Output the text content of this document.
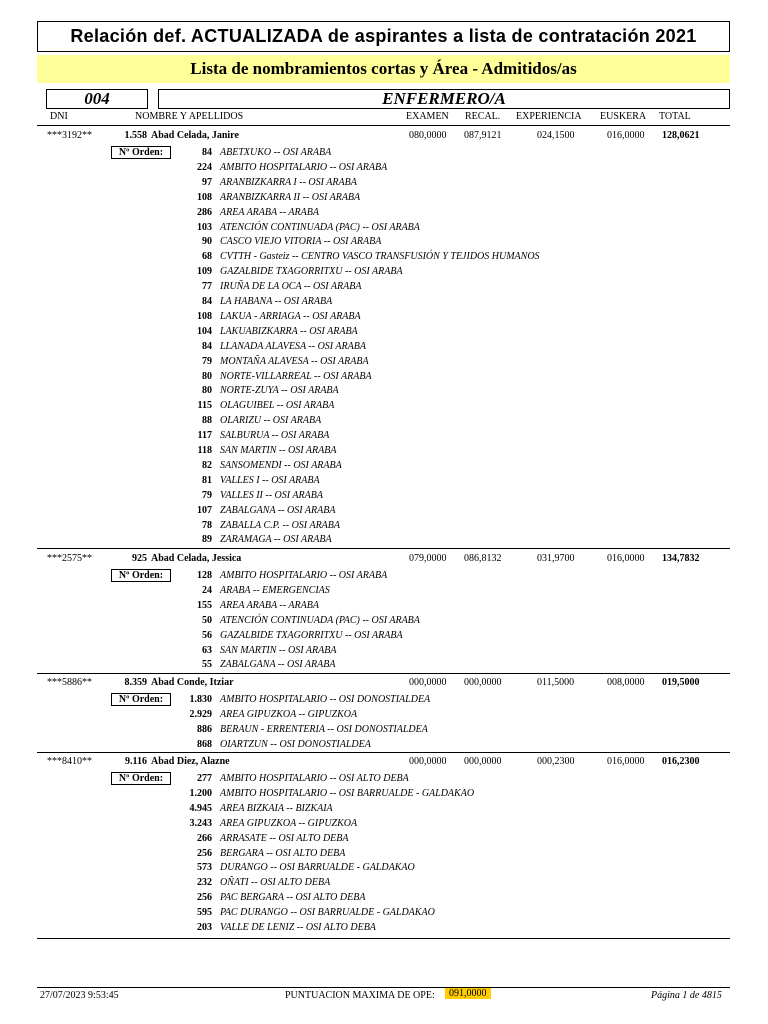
Relación def. ACTUALIZADA de aspirantes a lista de contratación 2021
Lista de nombramientos cortas y Área - Admitidos/as
004	ENFERMERO/A
DNI	NOMBRE Y APELLIDOS	EXAMEN RECAL. EXPERIENCIA EUSKERA TOTAL
***3192**	1.558 Abad Celada, Janire	080,0000 087,9121	024,1500	016,0000 128,0621
Nº Orden:	84 ABETXUKO -- OSI ARABA
224 AMBITO HOSPITALARIO -- OSI ARABA
97 ARANBIZKARRA I -- OSI ARABA
108 ARANBIZKARRA II -- OSI ARABA
286 AREA ARABA -- ARABA
103 ATENCIÓN CONTINUADA (PAC) -- OSI ARABA
90 CASCO VIEJO VITORIA -- OSI ARABA
68 CVTTH - Gasteiz -- CENTRO VASCO TRANSFUSIÓN Y TEJIDOS HUMANOS
109 GAZALBIDE TXAGORRITXU -- OSI ARABA
77 IRUÑA DE LA OCA -- OSI ARABA
84 LA HABANA -- OSI ARABA
108 LAKUA - ARRIAGA -- OSI ARABA
104 LAKUABIZKARRA -- OSI ARABA
84 LLANADA ALAVESA -- OSI ARABA
79 MONTAÑA ALAVESA -- OSI ARABA
80 NORTE-VILLARREAL -- OSI ARABA
80 NORTE-ZUYA -- OSI ARABA
115 OLAGUIBEL -- OSI ARABA
88 OLARIZU -- OSI ARABA
117 SALBURUA -- OSI ARABA
118 SAN MARTIN -- OSI ARABA
82 SANSOMENDI -- OSI ARABA
81 VALLES I -- OSI ARABA
79 VALLES II -- OSI ARABA
107 ZABALGANA -- OSI ARABA
78 ZABALLA C.P. -- OSI ARABA
89 ZARAMAGA -- OSI ARABA
***2575**	925 Abad Celada, Jessica	079,0000 086,8132	031,9700	016,0000 134,7832
Nº Orden:	128 AMBITO HOSPITALARIO -- OSI ARABA
24 ARABA -- EMERGENCIAS
155 AREA ARABA -- ARABA
50 ATENCIÓN CONTINUADA (PAC) -- OSI ARABA
56 GAZALBIDE TXAGORRITXU -- OSI ARABA
63 SAN MARTIN -- OSI ARABA
55 ZABALGANA -- OSI ARABA
***5886**	8.359 Abad Conde, Itziar	000,0000 000,0000	011,5000	008,0000 019,5000
Nº Orden:	1.830 AMBITO HOSPITALARIO -- OSI DONOSTIALDEA
2.929 AREA GIPUZKOA -- GIPUZKOA
886 BERAUN - ERRENTERIA -- OSI DONOSTIALDEA
868 OIARTZUN -- OSI DONOSTIALDEA
***8410**	9.116 Abad Diez, Alazne	000,0000 000,0000	000,2300	016,0000 016,2300
Nº Orden:	277 AMBITO HOSPITALARIO -- OSI ALTO DEBA
1.200 AMBITO HOSPITALARIO -- OSI BARRUALDE - GALDAKAO
4.945 AREA BIZKAIA -- BIZKAIA
3.243 AREA GIPUZKOA -- GIPUZKOA
266 ARRASATE -- OSI ALTO DEBA
256 BERGARA -- OSI ALTO DEBA
573 DURANGO -- OSI BARRUALDE - GALDAKAO
232 OÑATI -- OSI ALTO DEBA
256 PAC BERGARA -- OSI ALTO DEBA
595 PAC DURANGO -- OSI BARRUALDE - GALDAKAO
203 VALLE DE LENIZ -- OSI ALTO DEBA
27/07/2023 9:53:45	PUNTUACION MAXIMA DE OPE:	091,0000	Página 1 de 4815
